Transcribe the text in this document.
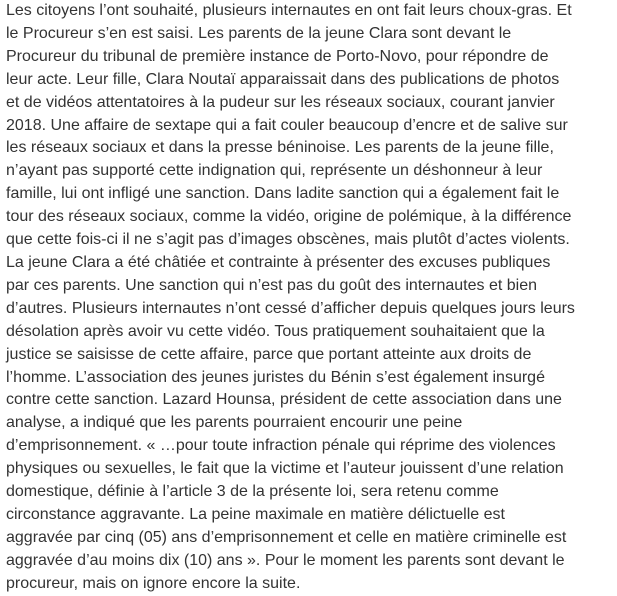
Les citoyens l’ont souhaité, plusieurs internautes en ont fait leurs choux-gras. Et
le Procureur s’en est saisi. Les parents de la jeune Clara sont devant le
Procureur du tribunal de première instance de Porto-Novo, pour répondre de
leur acte. Leur fille, Clara Noutaï apparaissait dans des publications de photos
et de vidéos attentatoires à la pudeur sur les réseaux sociaux, courant janvier
2018. Une affaire de sextape qui a fait couler beaucoup d’encre et de salive sur
les réseaux sociaux et dans la presse béninoise. Les parents de la jeune fille,
n’ayant pas supporté cette indignation qui, représente un déshonneur à leur
famille, lui ont infligé une sanction. Dans ladite sanction qui a également fait le
tour des réseaux sociaux, comme la vidéo, origine de polémique, à la différence
que cette fois-ci il ne s’agit pas d’images obscènes, mais plutôt d’actes violents.
La jeune Clara a été châtiée et contrainte à présenter des excuses publiques
par ces parents. Une sanction qui n’est pas du goût des internautes et bien
d’autres. Plusieurs internautes n’ont cessé d’afficher depuis quelques jours leurs
désolation après avoir vu cette vidéo. Tous pratiquement souhaitaient que la
justice se saisisse de cette affaire, parce que portant atteinte aux droits de
l’homme. L’association des jeunes juristes du Bénin s’est également insurgé
contre cette sanction. Lazard Hounsa, président de cette association dans une
analyse, a indiqué que les parents pourraient encourir une peine
d’emprisonnement. « …pour toute infraction pénale qui réprime des violences
physiques ou sexuelles, le fait que la victime et l’auteur jouissent d’une relation
domestique, définie à l’article 3 de la présente loi, sera retenu comme
circonstance aggravante. La peine maximale en matière délictuelle est
aggravée par cinq (05) ans d’emprisonnement et celle en matière criminelle est
aggravée d’au moins dix (10) ans ». Pour le moment les parents sont devant le
procureur, mais on ignore encore la suite.
